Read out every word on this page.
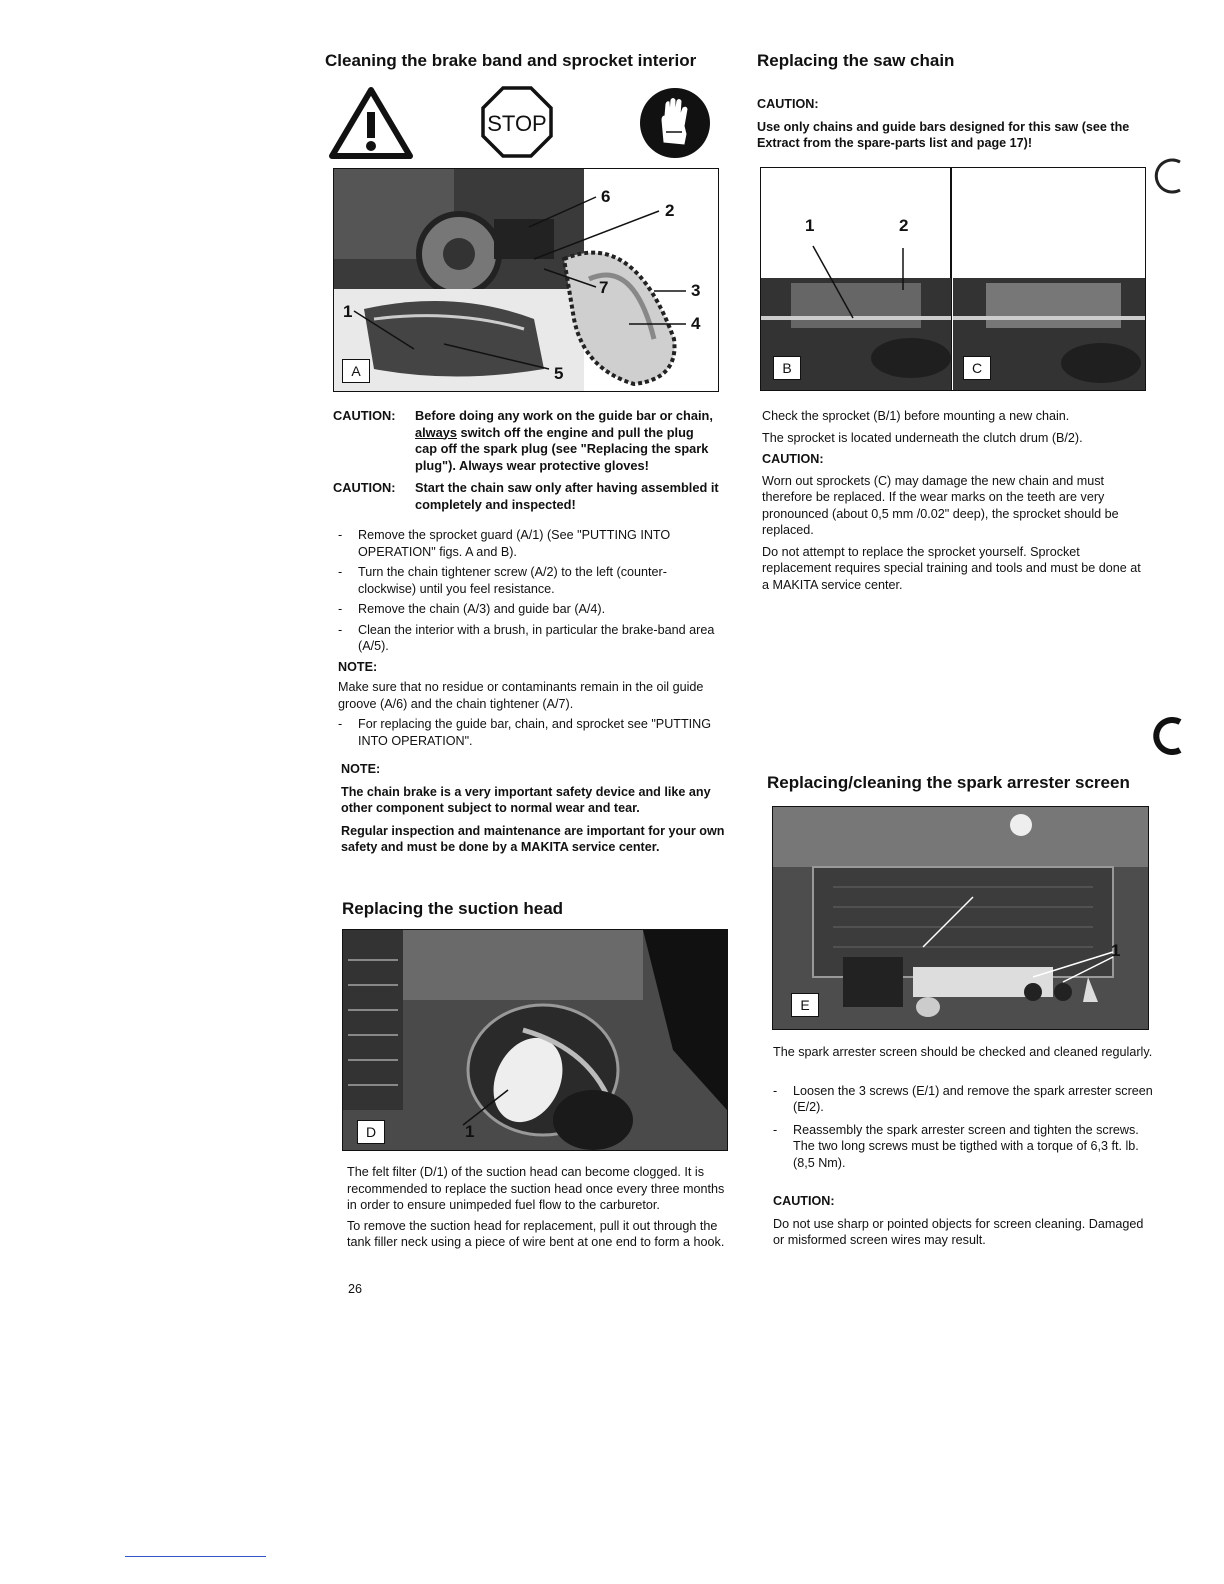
Cleaning the brake band and sprocket interior
STOP
6
2
7	3
4
1
5
A
CAUTION:	Before doing any work on the guide bar or chain, always switch off the engine and pull the plug cap off the spark plug (see "Replacing the spark plug"). Always wear protective gloves!
CAUTION:	Start the chain saw only after having assembled it completely and inspected!
- Remove the sprocket guard (A/1) (See "PUTTING INTO OPERATION" figs. A and B).
- Turn the chain tightener screw (A/2) to the left (counter-clockwise) until you feel resistance.
- Remove the chain (A/3) and guide bar (A/4).
- Clean the interior with a brush, in particular the brake-band area (A/5).

NOTE:

Make sure that no residue or contaminants remain in the oil guide groove (A/6) and the chain tightener (A/7).

- For replacing the guide bar, chain, and sprocket see "PUTTING INTO OPERATION".

NOTE:

The chain brake is a very important safety device and like any other component subject to normal wear and tear.

Regular inspection and maintenance are important for your own safety and must be done by a MAKITA service center.

Replacing the suction head
D	1

The felt filter (D/1) of the suction head can become clogged. It is recommended to replace the suction head once every three months in order to ensure unimpeded fuel flow to the carburetor.

To remove the suction head for replacement, pull it out through the tank filler neck using a piece of wire bent at one end to form a hook.

26
Replacing the saw chain

CAUTION:

Use only chains and guide bars designed for this saw (see the Extract from the spare-parts list and page 17)!

1	2
B	C

Check the sprocket (B/1) before mounting a new chain.

The sprocket is located underneath the clutch drum (B/2).

CAUTION:

Worn out sprockets (C) may damage the new chain and must therefore be replaced. If the wear marks on the teeth are very pronounced (about 0,5 mm /0.02" deep), the sprocket should be replaced.

Do not attempt to replace the sprocket yourself. Sprocket replacement requires special training and tools and must be done at a MAKITA service center.

Replacing/cleaning the spark arrester screen
1
E

The spark arrester screen should be checked and cleaned regularly.

- Loosen the 3 screws (E/1) and remove the spark arrester screen (E/2).
- Reassembly the spark arrester screen and tighten the screws. The two long screws must be tigthed with a torque of 6,3 ft. lb.(8,5 Nm).

CAUTION:

Do not use sharp or pointed objects for screen cleaning. Damaged or misformed screen wires may result.
